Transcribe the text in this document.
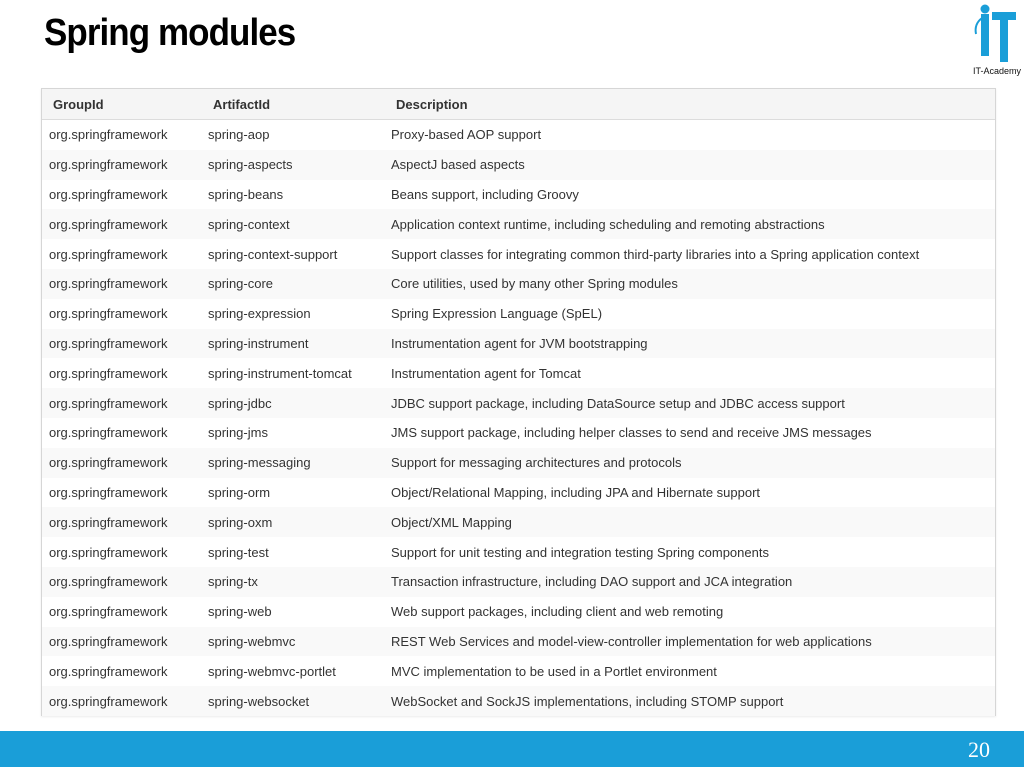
Spring modules
IT-Academy
GroupId	ArtifactId	Description
org.springframework	spring-aop	Proxy-based AOP support
org.springframework	spring-aspects	AspectJ based aspects
org.springframework	spring-beans	Beans support, including Groovy
org.springframework	spring-context	Application context runtime, including scheduling and remoting abstractions
org.springframework	spring-context-support	Support classes for integrating common third-party libraries into a Spring application context
org.springframework	spring-core	Core utilities, used by many other Spring modules
org.springframework	spring-expression	Spring Expression Language (SpEL)
org.springframework	spring-instrument	Instrumentation agent for JVM bootstrapping
org.springframework	spring-instrument-tomcat	Instrumentation agent for Tomcat
org.springframework	spring-jdbc	JDBC support package, including DataSource setup and JDBC access support
org.springframework	spring-jms	JMS support package, including helper classes to send and receive JMS messages
org.springframework	spring-messaging	Support for messaging architectures and protocols
org.springframework	spring-orm	Object/Relational Mapping, including JPA and Hibernate support
org.springframework	spring-oxm	Object/XML Mapping
org.springframework	spring-test	Support for unit testing and integration testing Spring components
org.springframework	spring-tx	Transaction infrastructure, including DAO support and JCA integration
org.springframework	spring-web	Web support packages, including client and web remoting
org.springframework	spring-webmvc	REST Web Services and model-view-controller implementation for web applications
org.springframework	spring-webmvc-portlet	MVC implementation to be used in a Portlet environment
org.springframework	spring-websocket	WebSocket and SockJS implementations, including STOMP support
20
